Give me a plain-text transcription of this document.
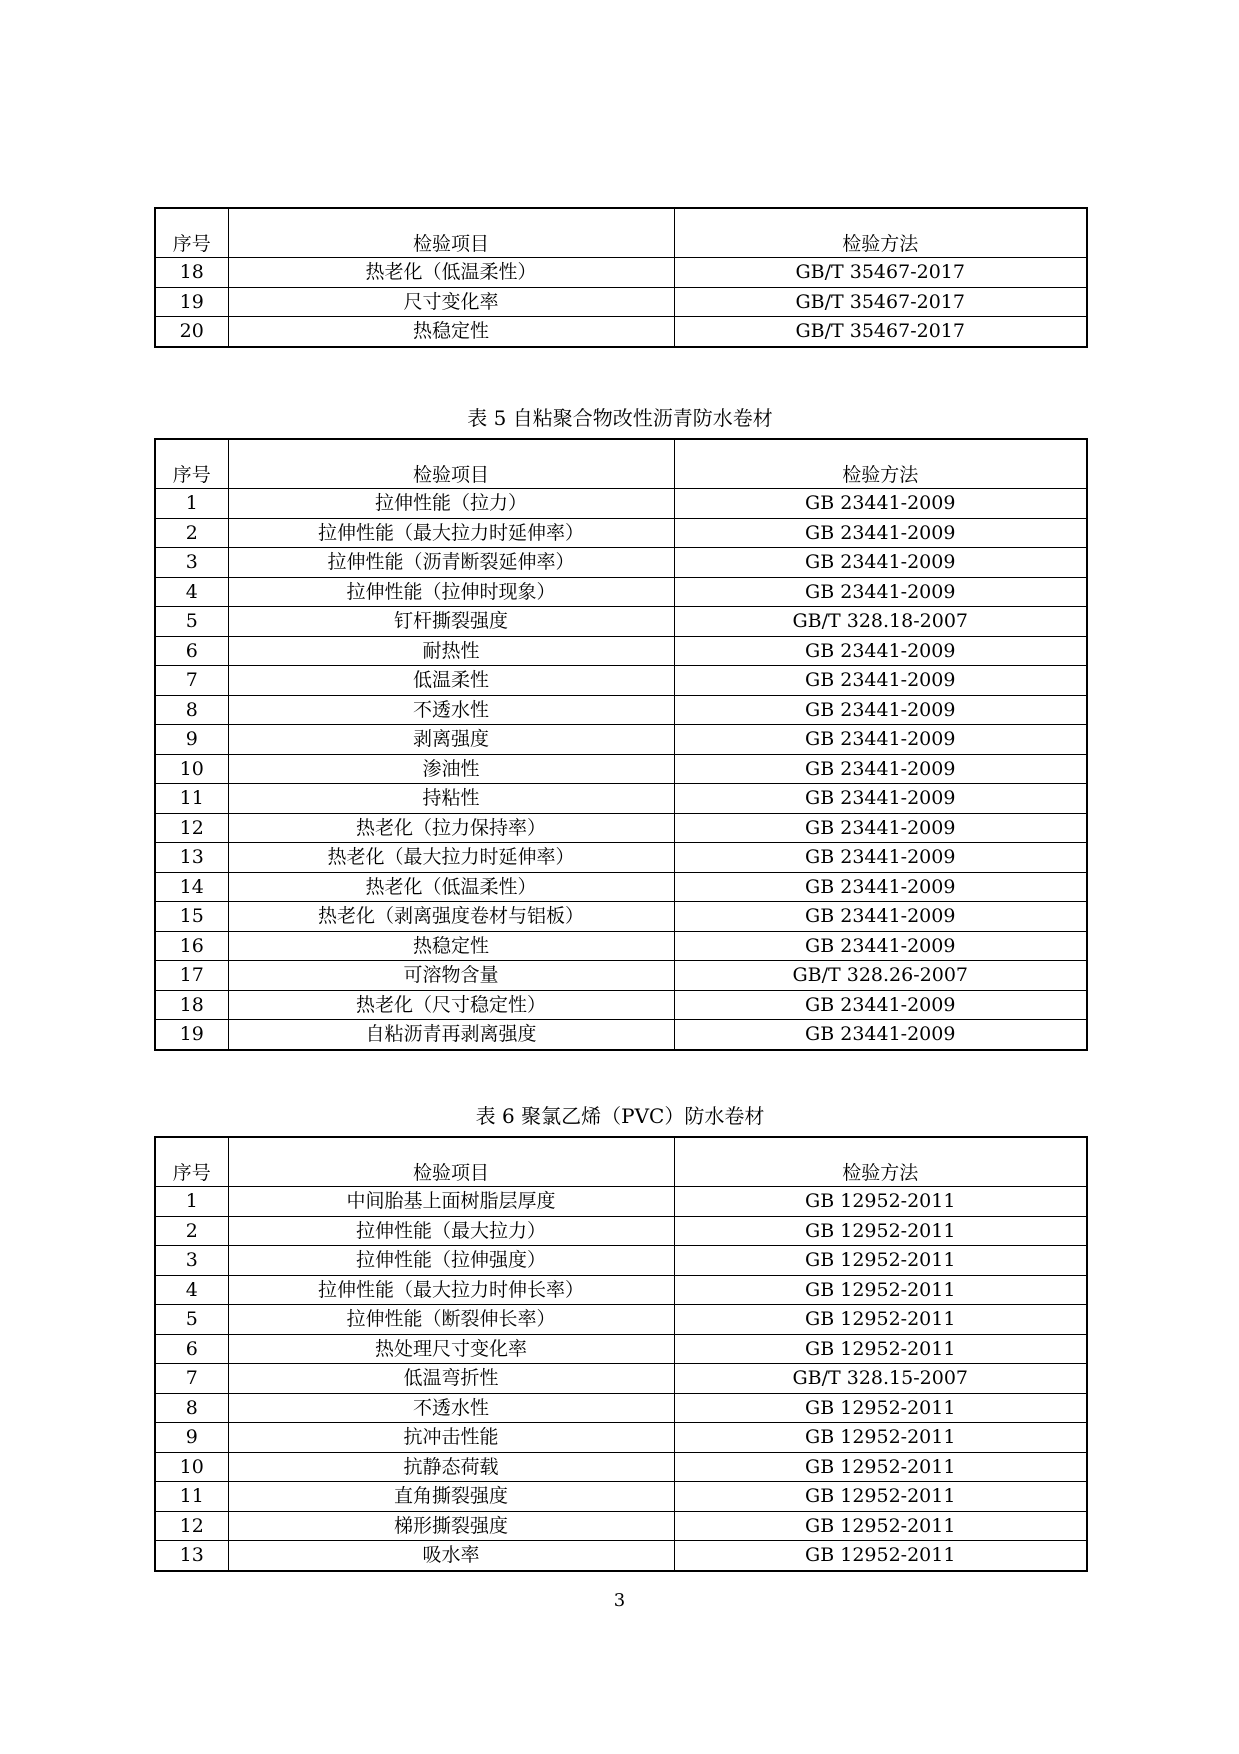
序号	检验项目	检验方法
18	热老化（低温柔性）	GB/T 35467-2017
19	尺寸变化率	GB/T 35467-2017
20	热稳定性	GB/T 35467-2017
表 5 自粘聚合物改性沥青防水卷材
序号	检验项目	检验方法
1	拉伸性能（拉力）	GB 23441-2009
2	拉伸性能（最大拉力时延伸率）	GB 23441-2009
3	拉伸性能（沥青断裂延伸率）	GB 23441-2009
4	拉伸性能（拉伸时现象）	GB 23441-2009
5	钉杆撕裂强度	GB/T 328.18-2007
6	耐热性	GB 23441-2009
7	低温柔性	GB 23441-2009
8	不透水性	GB 23441-2009
9	剥离强度	GB 23441-2009
10	渗油性	GB 23441-2009
11	持粘性	GB 23441-2009
12	热老化（拉力保持率）	GB 23441-2009
13	热老化（最大拉力时延伸率）	GB 23441-2009
14	热老化（低温柔性）	GB 23441-2009
15	热老化（剥离强度卷材与铝板）	GB 23441-2009
16	热稳定性	GB 23441-2009
17	可溶物含量	GB/T 328.26-2007
18	热老化（尺寸稳定性）	GB 23441-2009
19	自粘沥青再剥离强度	GB 23441-2009
表 6 聚氯乙烯（PVC）防水卷材
序号	检验项目	检验方法
1	中间胎基上面树脂层厚度	GB 12952-2011
2	拉伸性能（最大拉力）	GB 12952-2011
3	拉伸性能（拉伸强度）	GB 12952-2011
4	拉伸性能（最大拉力时伸长率）	GB 12952-2011
5	拉伸性能（断裂伸长率）	GB 12952-2011
6	热处理尺寸变化率	GB 12952-2011
7	低温弯折性	GB/T 328.15-2007
8	不透水性	GB 12952-2011
9	抗冲击性能	GB 12952-2011
10	抗静态荷载	GB 12952-2011
11	直角撕裂强度	GB 12952-2011
12	梯形撕裂强度	GB 12952-2011
13	吸水率	GB 12952-2011
3
